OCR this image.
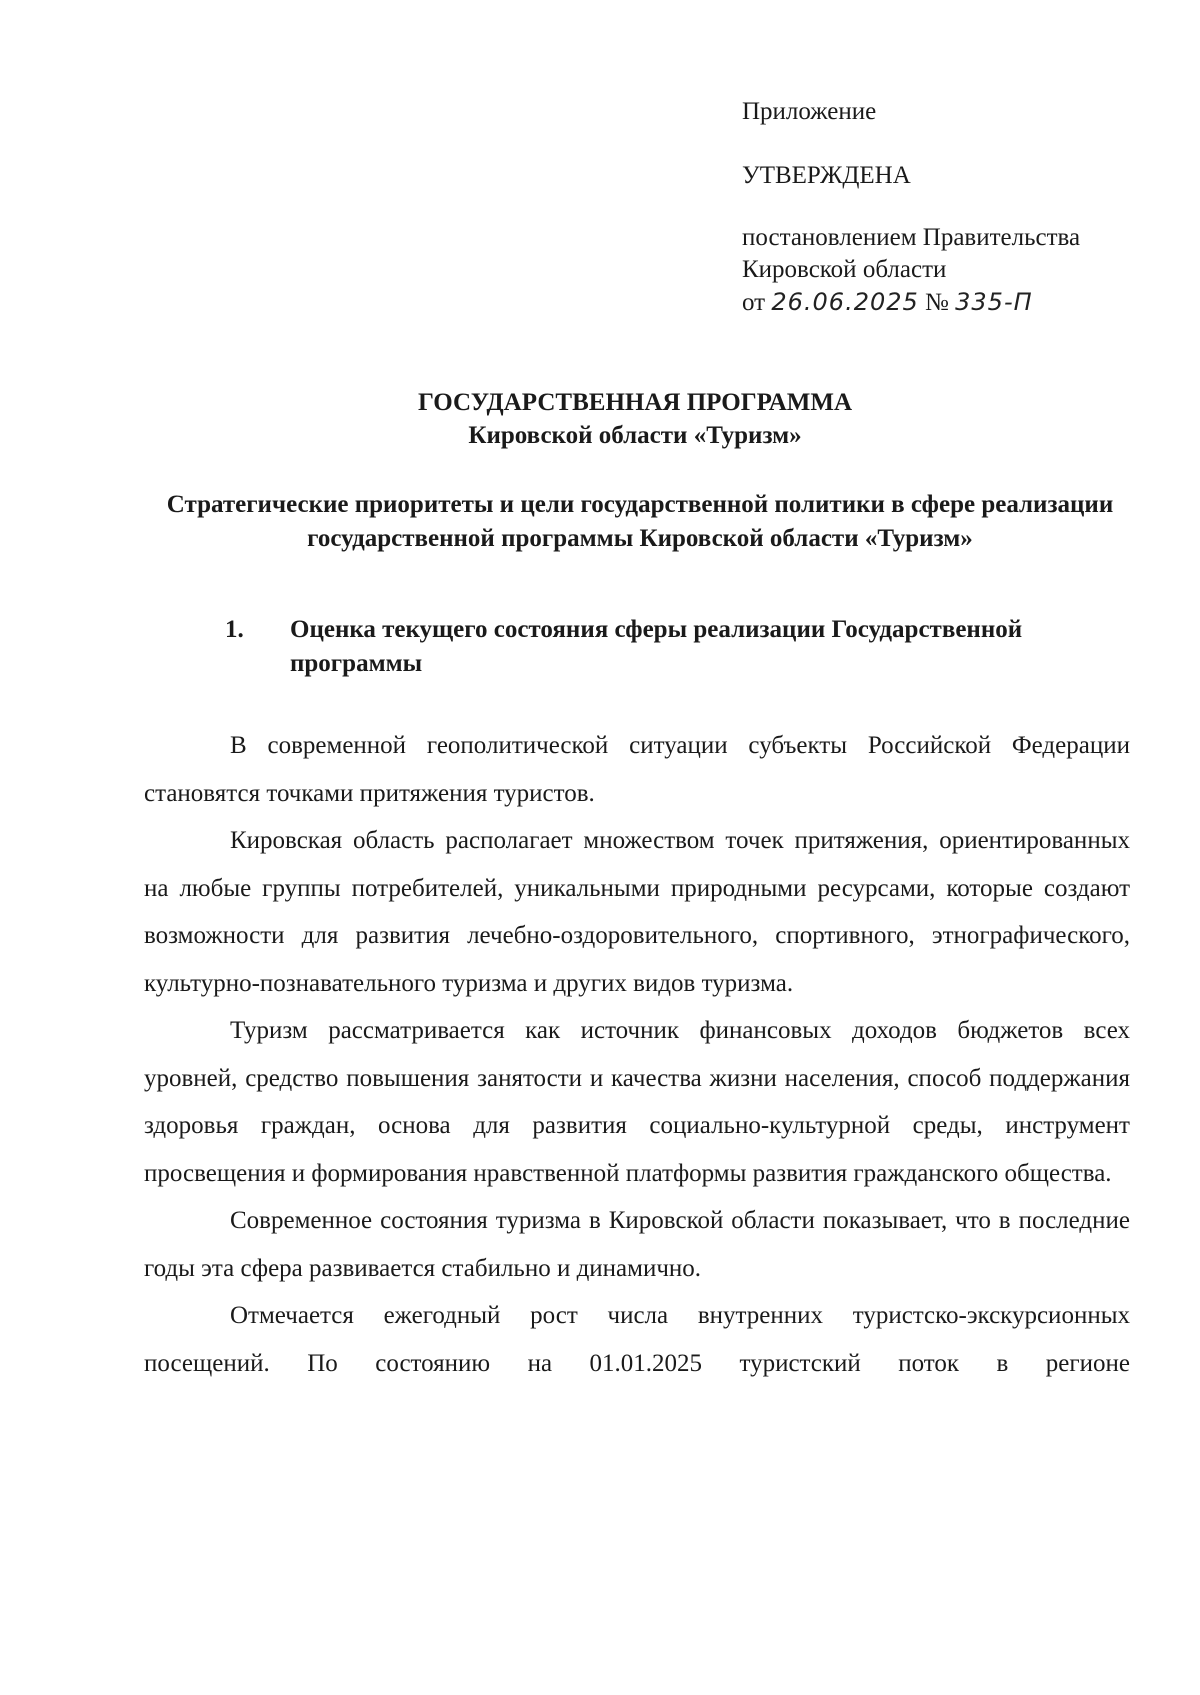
Приложение
УТВЕРЖДЕНА
постановлением Правительства
Кировской области
от 26.06.2025 № 335-П
ГОСУДАРСТВЕННАЯ ПРОГРАММА
Кировской области «Туризм»
Стратегические приоритеты и цели государственной политики в сфере реализации государственной программы Кировской области «Туризм»
1. Оценка текущего состояния сферы реализации Государственной программы

В современной геополитической ситуации субъекты Российской Федерации становятся точками притяжения туристов.

Кировская область располагает множеством точек притяжения, ориентированных на любые группы потребителей, уникальными природными ресурсами, которые создают возможности для развития лечебно-оздоровительного, спортивного, этнографического, культурно-познавательного туризма и других видов туризма.

Туризм рассматривается как источник финансовых доходов бюджетов всех уровней, средство повышения занятости и качества жизни населения, способ поддержания здоровья граждан, основа для развития социально-культурной среды, инструмент просвещения и формирования нравственной платформы развития гражданского общества.

Современное состояния туризма в Кировской области показывает, что в последние годы эта сфера развивается стабильно и динамично.

Отмечается ежегодный рост числа внутренних туристско-экскурсионных посещений. По состоянию на 01.01.2025 туристский поток в регионе
